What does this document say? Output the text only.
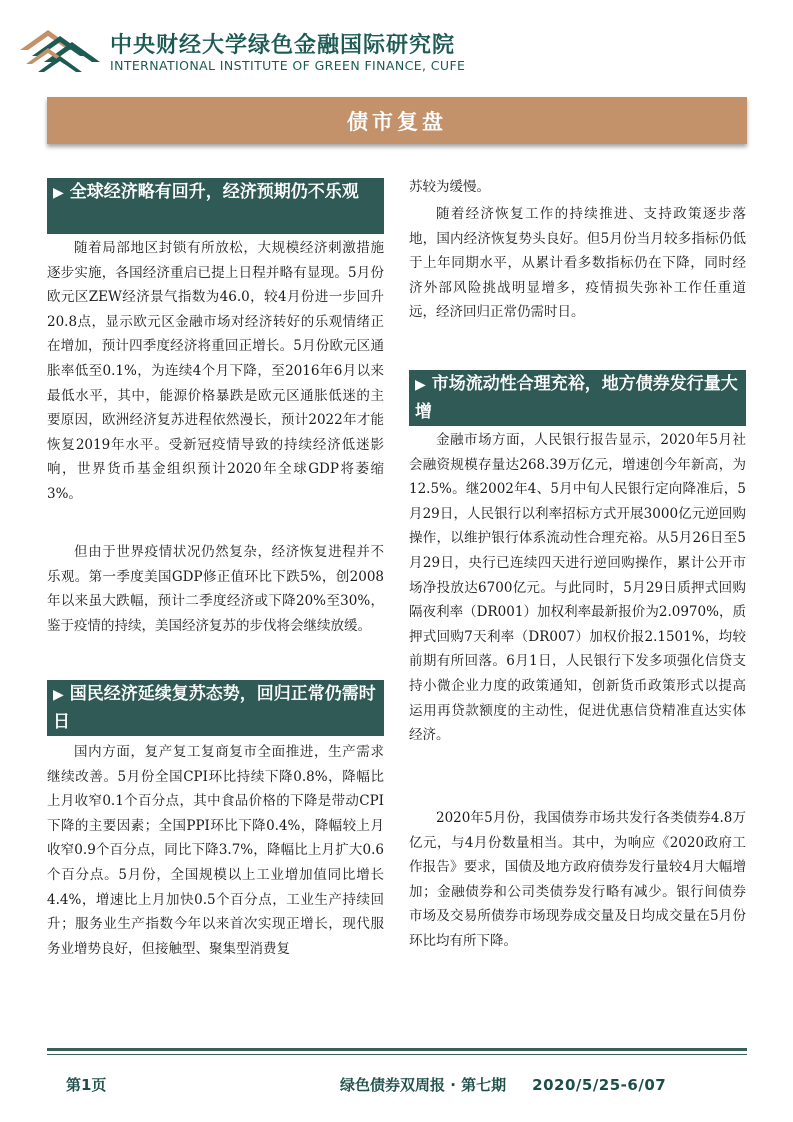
中央财经大学绿色金融国际研究院
INTERNATIONAL INSTITUTE OF GREEN FINANCE, CUFE
债市复盘
▶ 全球经济略有回升，经济预期仍不乐观

随着局部地区封锁有所放松，大规模经济刺激措施逐步实施，各国经济重启已提上日程并略有显现。5月份欧元区ZEW经济景气指数为46.0，较4月份进一步回升20.8点，显示欧元区金融市场对经济转好的乐观情绪正在增加，预计四季度经济将重回正增长。5月份欧元区通胀率低至0.1%，为连续4个月下降，至2016年6月以来最低水平，其中，能源价格暴跌是欧元区通胀低迷的主要原因，欧洲经济复苏进程依然漫长，预计2022年才能恢复2019年水平。受新冠疫情导致的持续经济低迷影响，世界货币基金组织预计2020年全球GDP将萎缩3%。

但由于世界疫情状况仍然复杂，经济恢复进程并不乐观。第一季度美国GDP修正值环比下跌5%，创2008年以来虽大跌幅，预计二季度经济或下降20%至30%，鉴于疫情的持续，美国经济复苏的步伐将会继续放缓。

▶ 国民经济延续复苏态势，回归正常仍需时日

国内方面，复产复工复商复市全面推进，生产需求继续改善。5月份全国CPI环比持续下降0.8%，降幅比上月收窄0.1个百分点，其中食品价格的下降是带动CPI下降的主要因素；全国PPI环比下降0.4%，降幅较上月收窄0.9个百分点，同比下降3.7%，降幅比上月扩大0.6个百分点。5月份，全国规模以上工业增加值同比增长4.4%，增速比上月加快0.5个百分点，工业生产持续回升；服务业生产指数今年以来首次实现正增长，现代服务业增势良好，但接触型、聚集型消费复

苏较为缓慢。

随着经济恢复工作的持续推进、支持政策逐步落地，国内经济恢复势头良好。但5月份当月较多指标仍低于上年同期水平，从累计看多数指标仍在下降，同时经济外部风险挑战明显增多，疫情损失弥补工作任重道远，经济回归正常仍需时日。

▶ 市场流动性合理充裕，地方债券发行量大增

金融市场方面，人民银行报告显示，2020年5月社会融资规模存量达268.39万亿元，增速创今年新高，为12.5%。继2002年4、5月中旬人民银行定向降准后，5月29日，人民银行以利率招标方式开展3000亿元逆回购操作，以维护银行体系流动性合理充裕。从5月26日至5月29日，央行已连续四天进行逆回购操作，累计公开市场净投放达6700亿元。与此同时，5月29日质押式回购隔夜利率（DR001）加权利率最新报价为2.0970%，质押式回购7天利率（DR007）加权价报2.1501%，均较前期有所回落。6月1日，人民银行下发多项强化信贷支持小微企业力度的政策通知，创新货币政策形式以提高运用再贷款额度的主动性，促进优惠信贷精准直达实体经济。

2020年5月份，我国债券市场共发行各类债券4.8万亿元，与4月份数量相当。其中，为响应《2020政府工作报告》要求，国债及地方政府债券发行量较4月大幅增加；金融债券和公司类债券发行略有减少。银行间债券市场及交易所债券市场现券成交量及日均成交量在5月份环比均有所下降。

第1页	绿色债券双周报 · 第七期 2020/5/25-6/07
